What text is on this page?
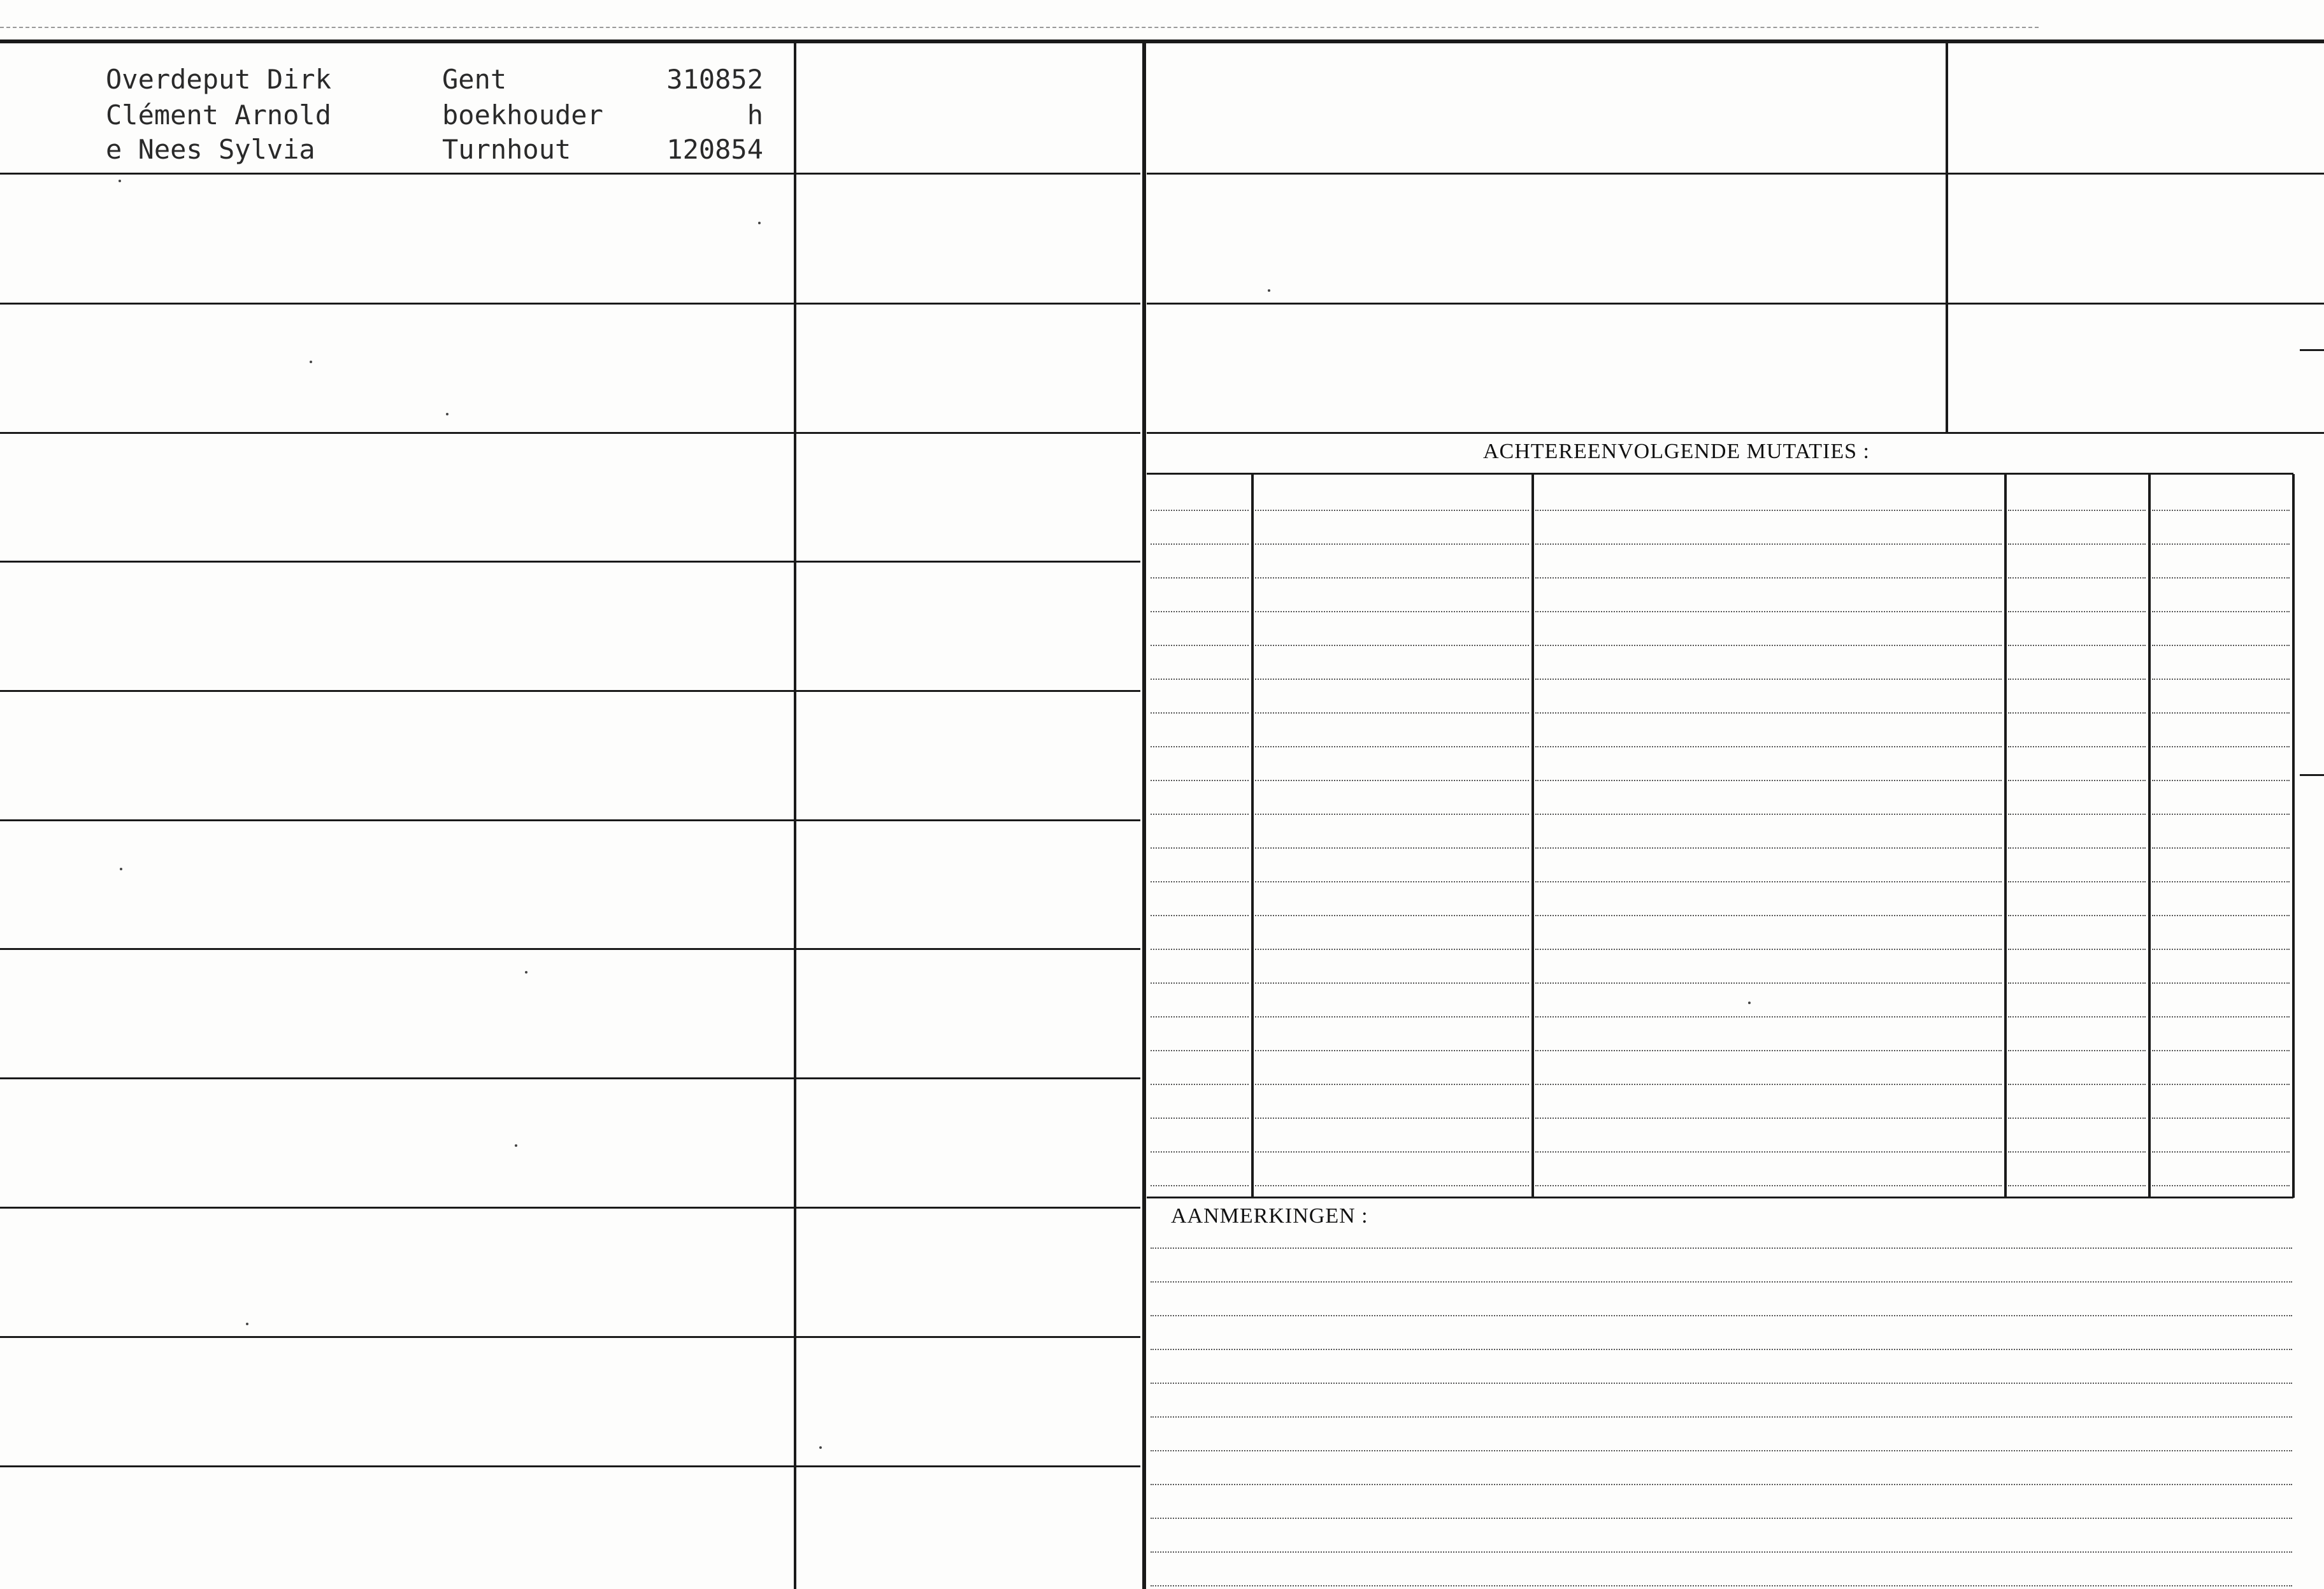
Overdeput Dirk	Gent	310852
Clément Arnold	boekhouder	h
e Nees Sylvia	Turnhout	120854
ACHTEREENVOLGENDE MUTATIES :
AANMERKINGEN :
